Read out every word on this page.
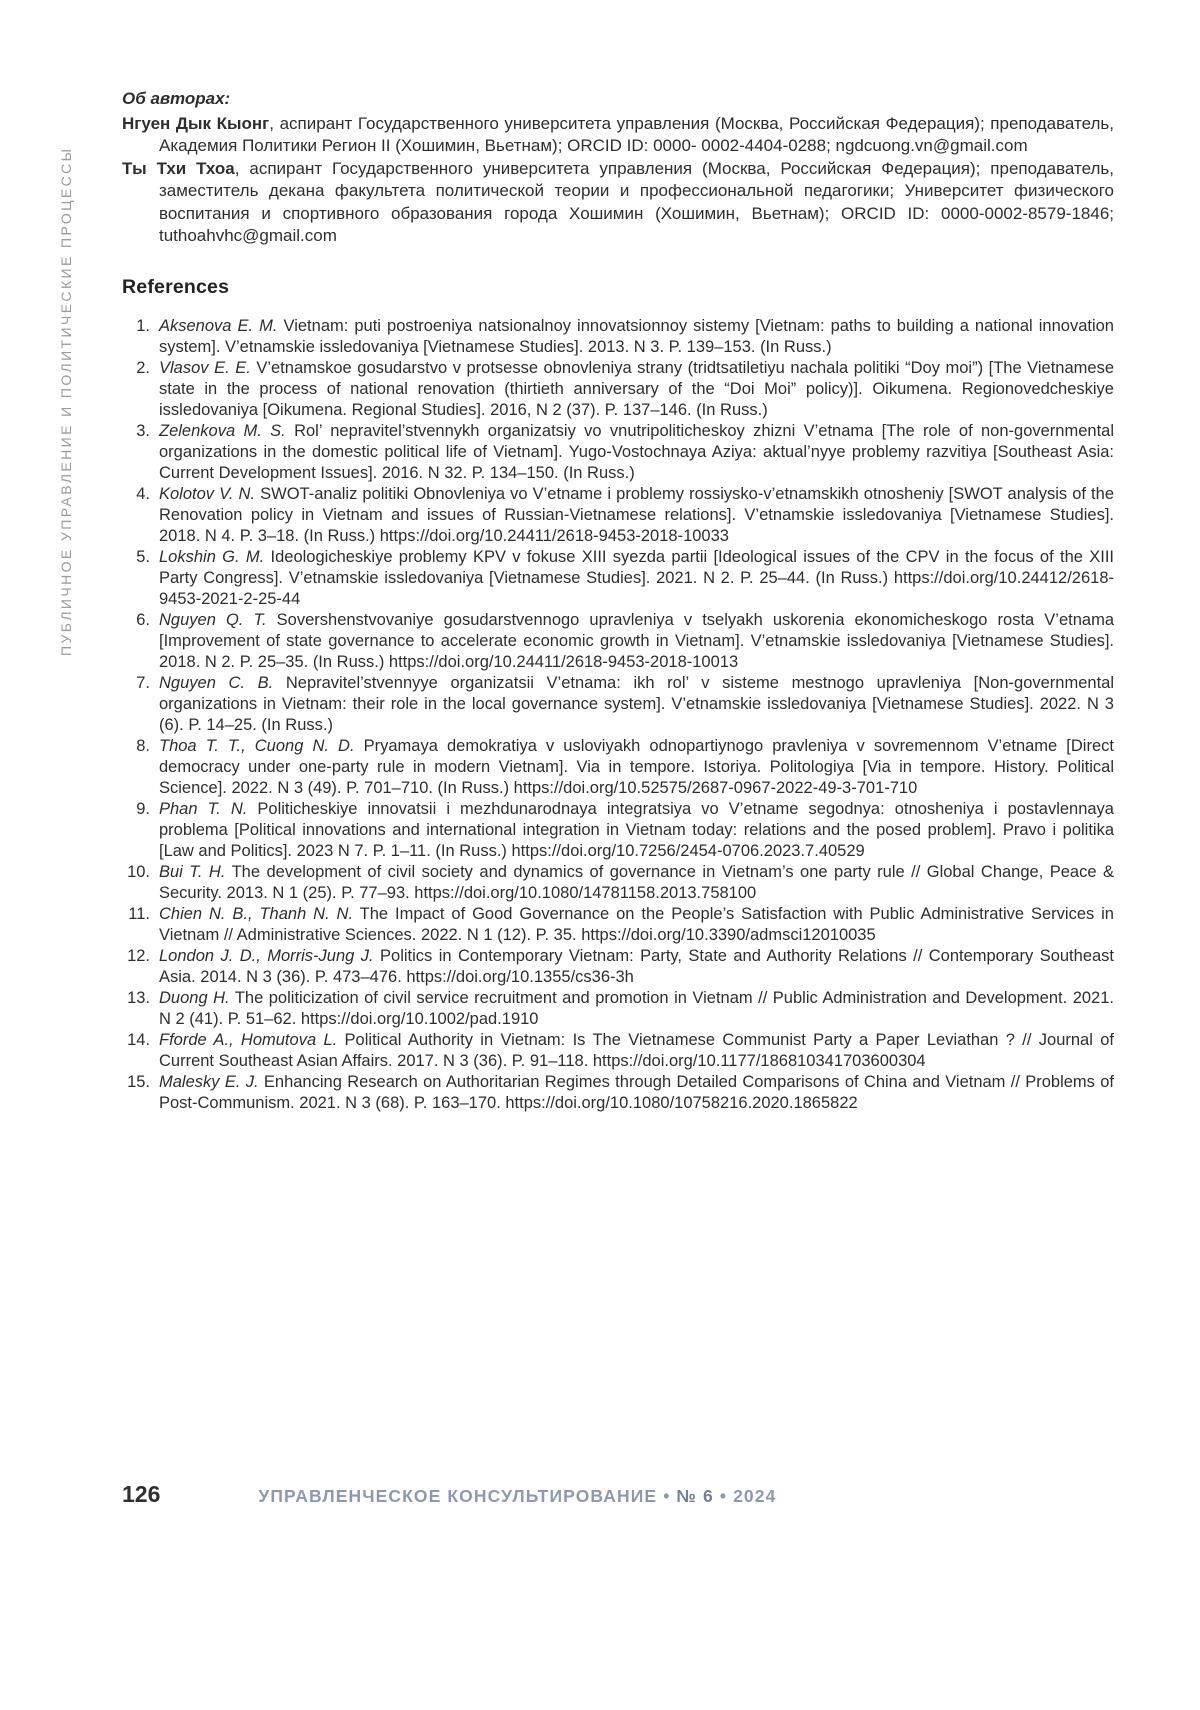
ПУБЛИЧНОЕ УПРАВЛЕНИЕ И ПОЛИТИЧЕСКИЕ ПРОЦЕССЫ
Об авторах:

Нгуен Дык Кыонг, аспирант Государственного университета управления (Москва, Российская Федерация); преподаватель, Академия Политики Регион II (Хошимин, Вьетнам); ORCID ID: 0000- 0002-4404-0288; ngdcuong.vn@gmail.com

Ты Тхи Тхоа, аспирант Государственного университета управления (Москва, Российская Федерация); преподаватель, заместитель декана факультета политической теории и профессиональной педагогики; Университет физического воспитания и спортивного образования города Хошимин (Хошимин, Вьетнам); ORCID ID: 0000-0002-8579-1846; tuthoahvhc@gmail.com

References
1. Aksenova E. M. Vietnam: puti postroeniya natsionalnoy innovatsionnoy sistemy [Vietnam: paths to building a national innovation system]. V’etnamskie issledovaniya [Vietnamese Studies]. 2013. N 3. P. 139–153. (In Russ.)
2. Vlasov E. E. V’etnamskoe gosudarstvo v protsesse obnovleniya strany (tridtsatiletiyu nachala politiki “Doy moi”) [The Vietnamese state in the process of national renovation (thirtieth anniversary of the “Doi Moi” policy)]. Oikumena. Regionovedcheskiye issledovaniya [Oikumena. Regional Studies]. 2016, N 2 (37). P. 137–146. (In Russ.)
3. Zelenkova M. S. Rol’ nepravitel’stvennykh organizatsiy vo vnutripoliticheskoy zhizni V’etnama [The role of non-governmental organizations in the domestic political life of Vietnam]. Yugo-Vostochnaya Aziya: aktual’nyye problemy razvitiya [Southeast Asia: Current Development Issues]. 2016. N 32. P. 134–150. (In Russ.)
4. Kolotov V. N. SWOT-analiz politiki Obnovleniya vo V’etname i problemy rossiysko-v’etnamskikh otnosheniy [SWOT analysis of the Renovation policy in Vietnam and issues of Russian-Vietnamese relations]. V’etnamskie issledovaniya [Vietnamese Studies]. 2018. N 4. P. 3–18. (In Russ.) https://doi.org/10.24411/2618-9453-2018-10033
5. Lokshin G. M. Ideologicheskiye problemy KPV v fokuse XIII syezda partii [Ideological issues of the CPV in the focus of the XIII Party Congress]. V’etnamskie issledovaniya [Vietnamese Studies]. 2021. N 2. P. 25–44. (In Russ.) https://doi.org/10.24412/2618-9453-2021-2-25-44
6. Nguyen Q. T. Sovershenstvovaniye gosudarstvennogo upravleniya v tselyakh uskorenia ekonomicheskogo rosta V’etnama [Improvement of state governance to accelerate economic growth in Vietnam]. V’etnamskie issledovaniya [Vietnamese Studies]. 2018. N 2. P. 25–35. (In Russ.) https://doi.org/10.24411/2618-9453-2018-10013
7. Nguyen C. B. Nepravitel’stvennyye organizatsii V’etnama: ikh rol’ v sisteme mestnogo upravleniya [Non-governmental organizations in Vietnam: their role in the local governance system]. V’etnamskie issledovaniya [Vietnamese Studies]. 2022. N 3 (6). P. 14–25. (In Russ.)
8. Thoa T. T., Cuong N. D. Pryamaya demokratiya v usloviyakh odnopartiynogo pravleniya v sovremennom V’etname [Direct democracy under one-party rule in modern Vietnam]. Via in tempore. Istoriya. Politologiya [Via in tempore. History. Political Science]. 2022. N 3 (49). P. 701–710. (In Russ.) https://doi.org/10.52575/2687-0967-2022-49-3-701-710
9. Phan T. N. Politicheskiye innovatsii i mezhdunarodnaya integratsiya vo V’etname segodnya: otnosheniya i postavlennaya problema [Political innovations and international integration in Vietnam today: relations and the posed problem]. Pravo i politika [Law and Politics]. 2023 N 7. P. 1–11. (In Russ.) https://doi.org/10.7256/2454-0706.2023.7.40529
10. Bui T. H. The development of civil society and dynamics of governance in Vietnam’s one party rule // Global Change, Peace & Security. 2013. N 1 (25). P. 77–93. https://doi.org/10.1080/14781158.2013.758100
11. Chien N. B., Thanh N. N. The Impact of Good Governance on the People’s Satisfaction with Public Administrative Services in Vietnam // Administrative Sciences. 2022. N 1 (12). P. 35. https://doi.org/10.3390/admsci12010035
12. London J. D., Morris-Jung J. Politics in Contemporary Vietnam: Party, State and Authority Relations // Contemporary Southeast Asia. 2014. N 3 (36). P. 473–476. https://doi.org/10.1355/cs36-3h
13. Duong H. The politicization of civil service recruitment and promotion in Vietnam // Public Administration and Development. 2021. N 2 (41). P. 51–62. https://doi.org/10.1002/pad.1910
14. Fforde A., Homutova L. Political Authority in Vietnam: Is The Vietnamese Communist Party a Paper Leviathan ? // Journal of Current Southeast Asian Affairs. 2017. N 3 (36). P. 91–118. https://doi.org/10.1177/186810341703600304
15. Malesky E. J. Enhancing Research on Authoritarian Regimes through Detailed Comparisons of China and Vietnam // Problems of Post-Communism. 2021. N 3 (68). P. 163–170. https://doi.org/10.1080/10758216.2020.1865822
126	УПРАВЛЕНЧЕСКОЕ КОНСУЛЬТИРОВАНИЕ • № 6 • 2024
